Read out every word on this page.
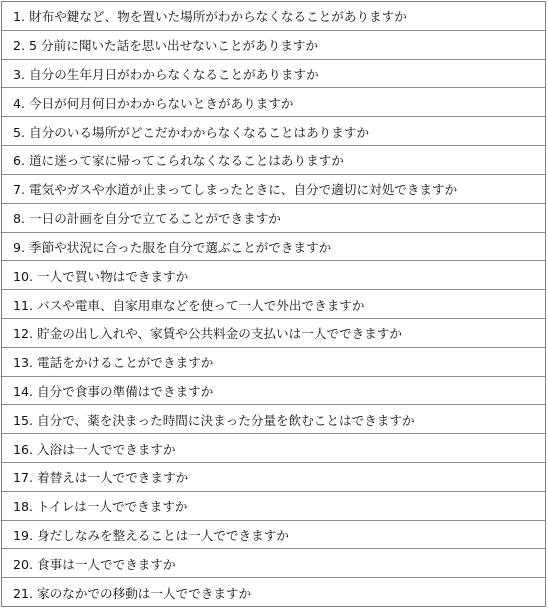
1. 財布や鍵など、物を置いた場所がわからなくなることがありますか
2. 5 分前に聞いた話を思い出せないことがありますか
3. 自分の生年月日がわからなくなることがありますか
4. 今日が何月何日かわからないときがありますか
5. 自分のいる場所がどこだかわからなくなることはありますか
6. 道に迷って家に帰ってこられなくなることはありますか
7. 電気やガスや水道が止まってしまったときに、自分で適切に対処できますか
8. 一日の計画を自分で立てることができますか
9. 季節や状況に合った服を自分で選ぶことができますか
10. 一人で買い物はできますか
11. バスや電車、自家用車などを使って一人で外出できますか
12. 貯金の出し入れや、家賃や公共料金の支払いは一人でできますか
13. 電話をかけることができますか
14. 自分で食事の準備はできますか
15. 自分で、薬を決まった時間に決まった分量を飲むことはできますか
16. 入浴は一人でできますか
17. 着替えは一人でできますか
18. トイレは一人でできますか
19. 身だしなみを整えることは一人でできますか
20. 食事は一人でできますか
21. 家のなかでの移動は一人でできますか
